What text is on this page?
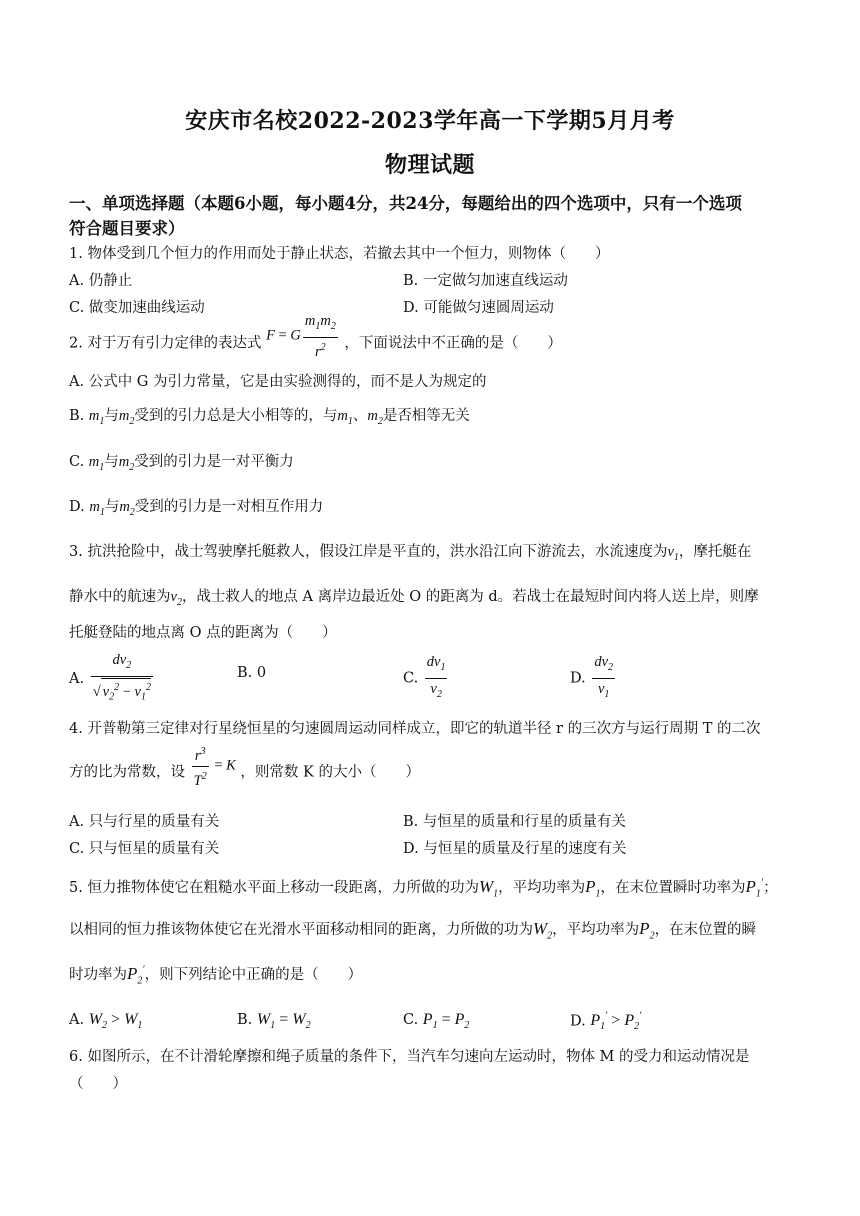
安庆市名校2022-2023学年高一下学期5月月考
物理试题
一、单项选择题（本题6小题，每小题4分，共24分，每题给出的四个选项中，只有一个选项
符合题目要求）
1. 物体受到几个恒力的作用而处于静止状态，若撤去其中一个恒力，则物体（　　）
A. 仍静止	B. 一定做匀加速直线运动
C. 做变加速曲线运动	D. 可能做匀速圆周运动
2. 对于万有引力定律的表达式 F = G $\frac{m_1m_2}{r^2}$ ，下面说法中不正确的是（　　）
A. 公式中 G 为引力常量，它是由实验测得的，而不是人为规定的
B. $m_1$与$m_2$受到的引力总是大小相等的，与$m_1$、$m_2$是否相等无关
C. $m_1$与$m_2$受到的引力是一对平衡力
D. $m_1$与$m_2$受到的引力是一对相互作用力
3. 抗洪抢险中，战士驾驶摩托艇救人，假设江岸是平直的，洪水沿江向下游流去，水流速度为$v_1$，摩托艇在
静水中的航速为$v_2$，战士救人的地点 A 离岸边最近处 O 的距离为 d。若战士在最短时间内将人送上岸，则摩
托艇登陆的地点离 O 点的距离为（　　）
A. $\frac{dv_2}{√ v_2^2 - v_1^2}$	B. 0	C. $\frac{dv_1}{v_2}$	D. $\frac{dv_2}{v_1}$
4. 开普勒第三定律对行星绕恒星的匀速圆周运动同样成立，即它的轨道半径 r 的三次方与运行周期 T 的二次
方的比为常数，设 $\frac{r^3}{T^2} = K$ ，则常数 K 的大小（　　）
A. 只与行星的质量有关	B. 与恒星的质量和行星的质量有关
C. 只与恒星的质量有关	D. 与恒星的质量及行星的速度有关
5. 恒力推物体使它在粗糙水平面上移动一段距离，力所做的功为$W_1$，平均功率为$P_1$，在末位置瞬时功率为$P_1'$；
以相同的恒力推该物体使它在光滑水平面移动相同的距离，力所做的功为$W_2$，平均功率为$P_2$，在末位置的瞬
时功率为$P_2'$，则下列结论中正确的是（　　）
A. $W_2 > W_1$	B. $W_1 = W_2$	C. $P_1 = P_2$	D. $P_1' > P_2'$
6. 如图所示，在不计滑轮摩擦和绳子质量的条件下，当汽车匀速向左运动时，物体 M 的受力和运动情况是
（　　）
